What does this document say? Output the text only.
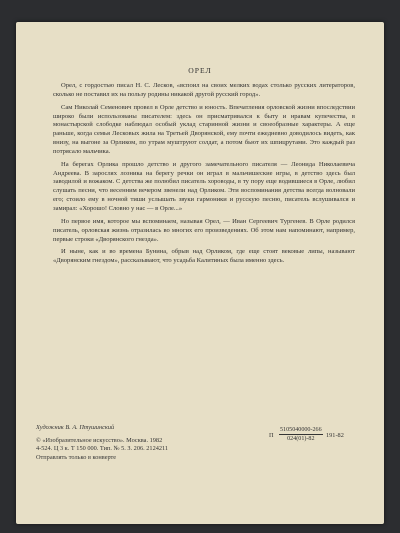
ОРЕЛ

Орел, с гордостью писал Н. С. Лесков, «вспоил на своих мелких водах столько русских литераторов, сколько не поставил их на пользу родины никакой другой русский город».

Сам Николай Семенович провел в Орле детство и юность. Впечатления орловской жизни впоследствии широко были использованы писателем: здесь он присматривался к быту и нравам купечества, в монастырской слободке наблюдал особый уклад старинной жизни и своеобразные характеры. А еще раньше, когда семья Лесковых жила на Третьей Дворянской, ему почти ежедневно доводилось видеть, как внизу, на выгоне за Орликом, по утрам муштруют солдат, а потом бьют их шпицрутами. Это каждый раз потрясало мальчика.

На берегах Орлика прошло детство и другого замечательного писателя — Леонида Николаевича Андреева. В зарослях лозника на берегу речки он играл в мальчишеские игры, в детство здесь был заводилой и вожаком. С детства же полюбил писатель хороводы, в ту пору еще водившиеся в Орле, любил слушать песни, что весенним вечером звенели над Орликом. Эти воспоминания детства всегда волновали его; стоило ему в ночной тиши услышать звуки гармоники и русскую песню, писатель вслушивался и замирал: «Хорошо! Словно у нас — в Орле...»

Но первое имя, которое мы вспоминаем, называя Орел, — Иван Сергеевич Тургенев. В Орле родился писатель, орловская жизнь отразилась во многих его произведениях. Об этом нам напоминают, например, первые строки «Дворянского гнезда».

И ныне, как и во времена Бунина, обрыв над Орликом, где еще стоят вековые липы, называют «Дворянским гнездом», рассказывают, что усадьба Калитиных была именно здесь.

Художник В. А. Птушинский
© «Изобразительное искусство». Москва. 1982
4-524. Ц 3 к. Т 150 000. Тип. № 5. З. 206. 2124211
Отправлять только в конверте
П $\frac{5105040000-266}{024(01)-82} 191-82$
